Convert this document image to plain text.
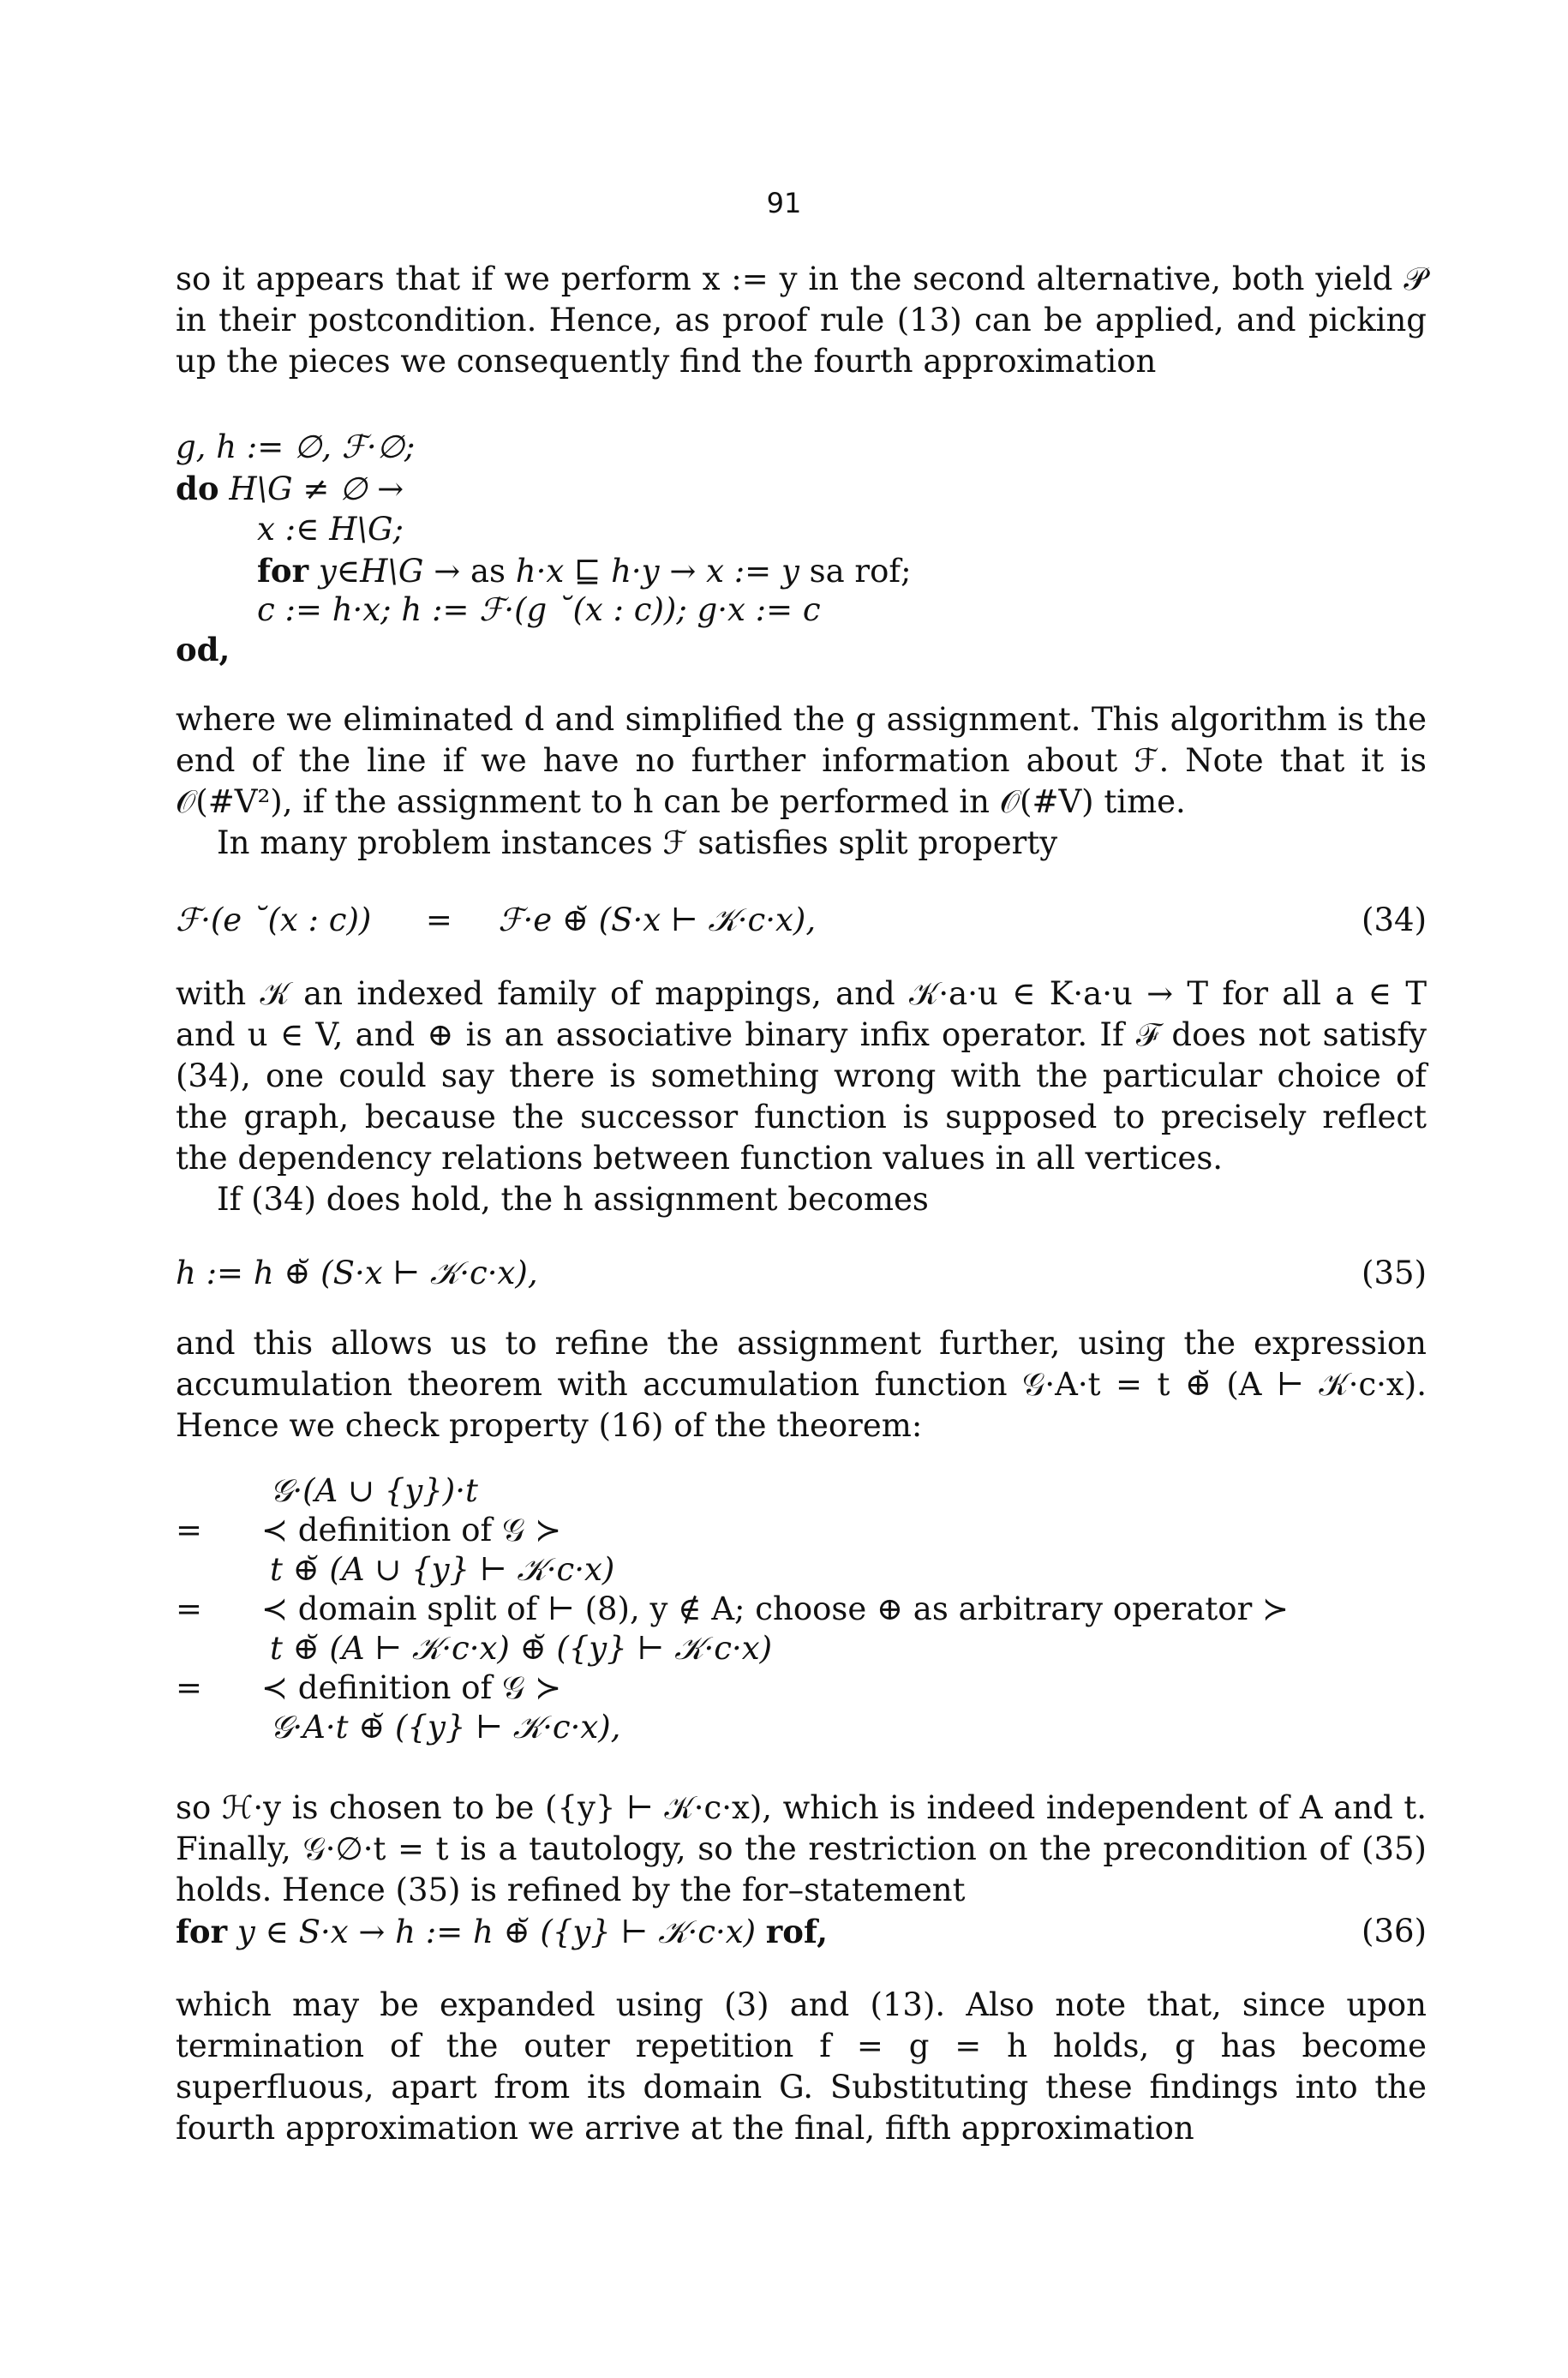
91

so it appears that if we perform x := y in the second alternative, both yield 𝒫 in their postcondition. Hence, as proof rule (13) can be applied, and picking up the pieces we consequently find the fourth approximation

g, h := ∅, ℱ·∅;
do H\G ≠ ∅ →
x :∈ H\G;
for y∈H\G → as h·x ⊑ h·y → x := y sa rof;
c := h·x; h := ℱ·(g ˘(x : c)); g·x := c
od,

where we eliminated d and simplified the g assignment. This algorithm is the end of the line if we have no further information about ℱ. Note that it is 𝒪(#V²), if the assignment to h can be performed in 𝒪(#V) time.

In many problem instances ℱ satisfies split property

ℱ·(e ˘(x : c)) = ℱ·e ⊕̆ (S·x ⊢ 𝒦·c·x),	(34)

with 𝒦 an indexed family of mappings, and 𝒦·a·u ∈ K·a·u → T for all a ∈ T and u ∈ V, and ⊕ is an associative binary infix operator. If ℱ does not satisfy (34), one could say there is something wrong with the particular choice of the graph, because the successor function is supposed to precisely reflect the dependency relations between function values in all vertices.

If (34) does hold, the h assignment becomes

h := h ⊕̆ (S·x ⊢ 𝒦·c·x),	(35)

and this allows us to refine the assignment further, using the expression accumulation theorem with accumulation function 𝒢·A·t = t ⊕̆ (A ⊢ 𝒦·c·x). Hence we check property (16) of the theorem:

𝒢·(A ∪ {y})·t
= ≺ definition of 𝒢 ≻
t ⊕̆ (A ∪ {y} ⊢ 𝒦·c·x)
= ≺ domain split of ⊢ (8), y ∉ A; choose ⊕ as arbitrary operator ≻
t ⊕̆ (A ⊢ 𝒦·c·x) ⊕̆ ({y} ⊢ 𝒦·c·x)
= ≺ definition of 𝒢 ≻
𝒢·A·t ⊕̆ ({y} ⊢ 𝒦·c·x),

so ℋ·y is chosen to be ({y} ⊢ 𝒦·c·x), which is indeed independent of A and t. Finally, 𝒢·∅·t = t is a tautology, so the restriction on the precondition of (35) holds. Hence (35) is refined by the for–statement

for y ∈ S·x → h := h ⊕̆ ({y} ⊢ 𝒦·c·x) rof,	(36)

which may be expanded using (3) and (13). Also note that, since upon termination of the outer repetition f = g = h holds, g has become superfluous, apart from its domain G. Substituting these findings into the fourth approximation we arrive at the final, fifth approximation
